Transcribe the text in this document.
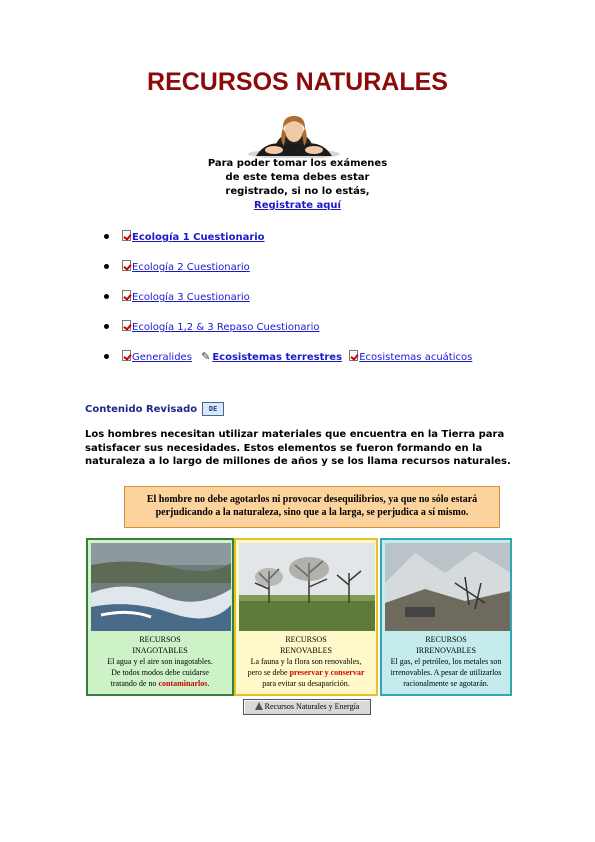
RECURSOS NATURALES
Para poder tomar los exámenes
de este tema debes estar
registrado, si no lo estás,
Registrate aquí
Ecología 1 Cuestionario
Ecología 2 Cuestionario
Ecología 3 Cuestionario
Ecología 1,2 & 3 Repaso Cuestionario
Generalides ✎ Ecosistemas terrestres Ecosistemas acuáticos
Contenido Revisado	DE

Los hombres necesitan utilizar materiales que encuentra en la Tierra para satisfacer sus necesidades. Estos elementos se fueron formando en la naturaleza a lo largo de millones de años y se los llama recursos naturales.

El hombre no debe agotarlos ni provocar desequilibrios, ya que no sólo estará
perjudicando a la naturaleza, sino que a la larga, se perjudica a sí mismo.
RECURSOS
INAGOTABLES
El agua y el aire son inagotables.
De todos modos debe cuidarse
tratando de no contaminarlos.
RECURSOS
RENOVABLES
La fauna y la flora son renovables,
pero se debe preservar y conservar
para evitar su desaparición.
RECURSOS
IRRENOVABLES
El gas, el petróleo, los metales son
irrenovables. A pesar de utilizarlos
racionalmente se agotarán.
Recursos Naturales y Energía
